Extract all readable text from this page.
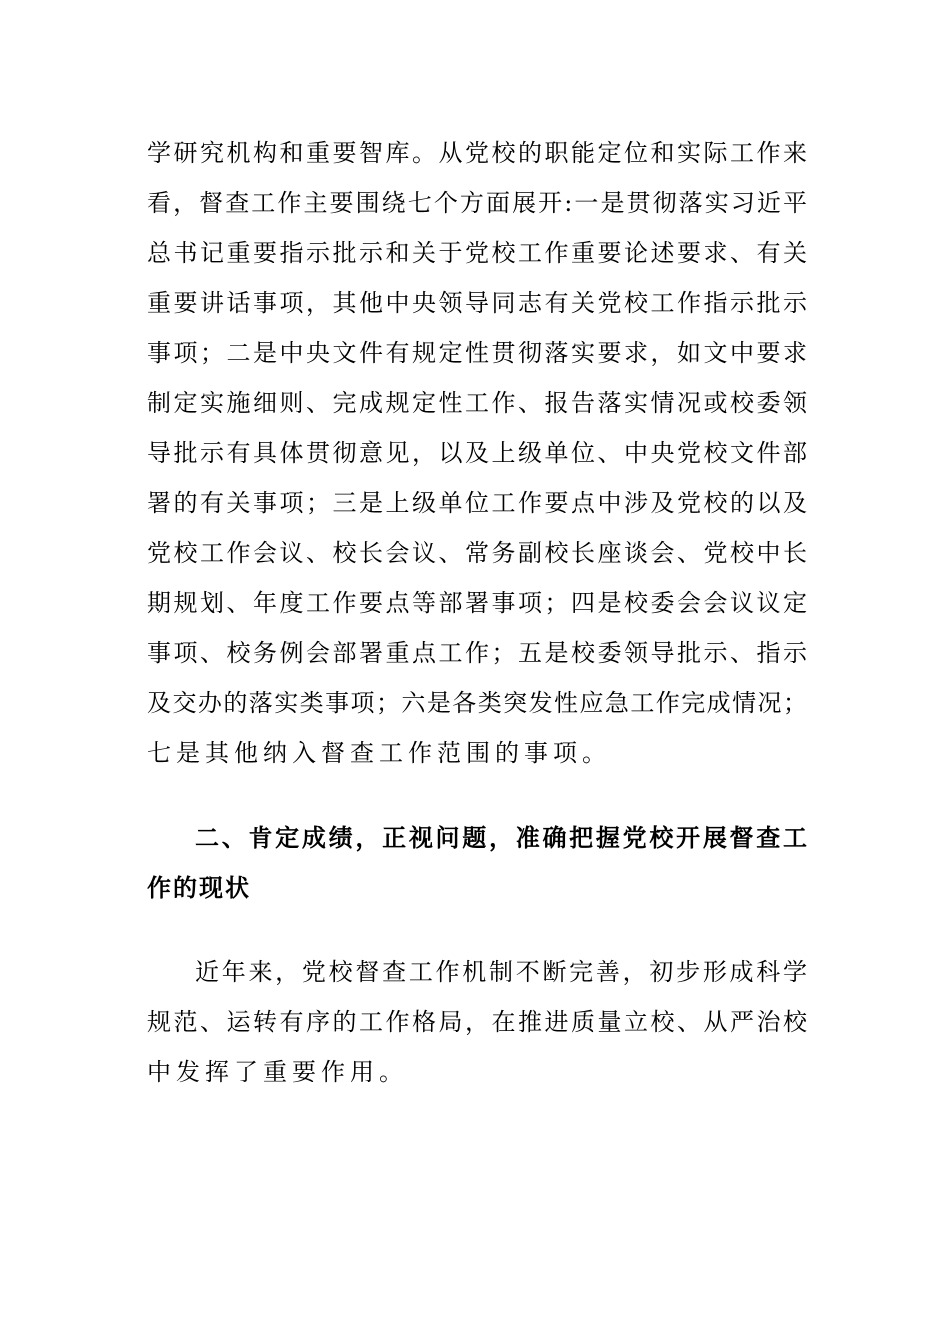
学研究机构和重要智库。从党校的职能定位和实际工作来
看，督查工作主要围绕七个方面展开:一是贯彻落实习近平
总书记重要指示批示和关于党校工作重要论述要求、有关
重要讲话事项，其他中央领导同志有关党校工作指示批示
事项；二是中央文件有规定性贯彻落实要求，如文中要求
制定实施细则、完成规定性工作、报告落实情况或校委领
导批示有具体贯彻意见，以及上级单位、中央党校文件部
署的有关事项；三是上级单位工作要点中涉及党校的以及
党校工作会议、校长会议、常务副校长座谈会、党校中长
期规划、年度工作要点等部署事项；四是校委会会议议定
事项、校务例会部署重点工作；五是校委领导批示、指示
及交办的落实类事项；六是各类突发性应急工作完成情况；
七是其他纳入督查工作范围的事项。
二、肯定成绩，正视问题，准确把握党校开展督查工
作的现状
近年来，党校督查工作机制不断完善，初步形成科学
规范、运转有序的工作格局，在推进质量立校、从严治校
中发挥了重要作用。
